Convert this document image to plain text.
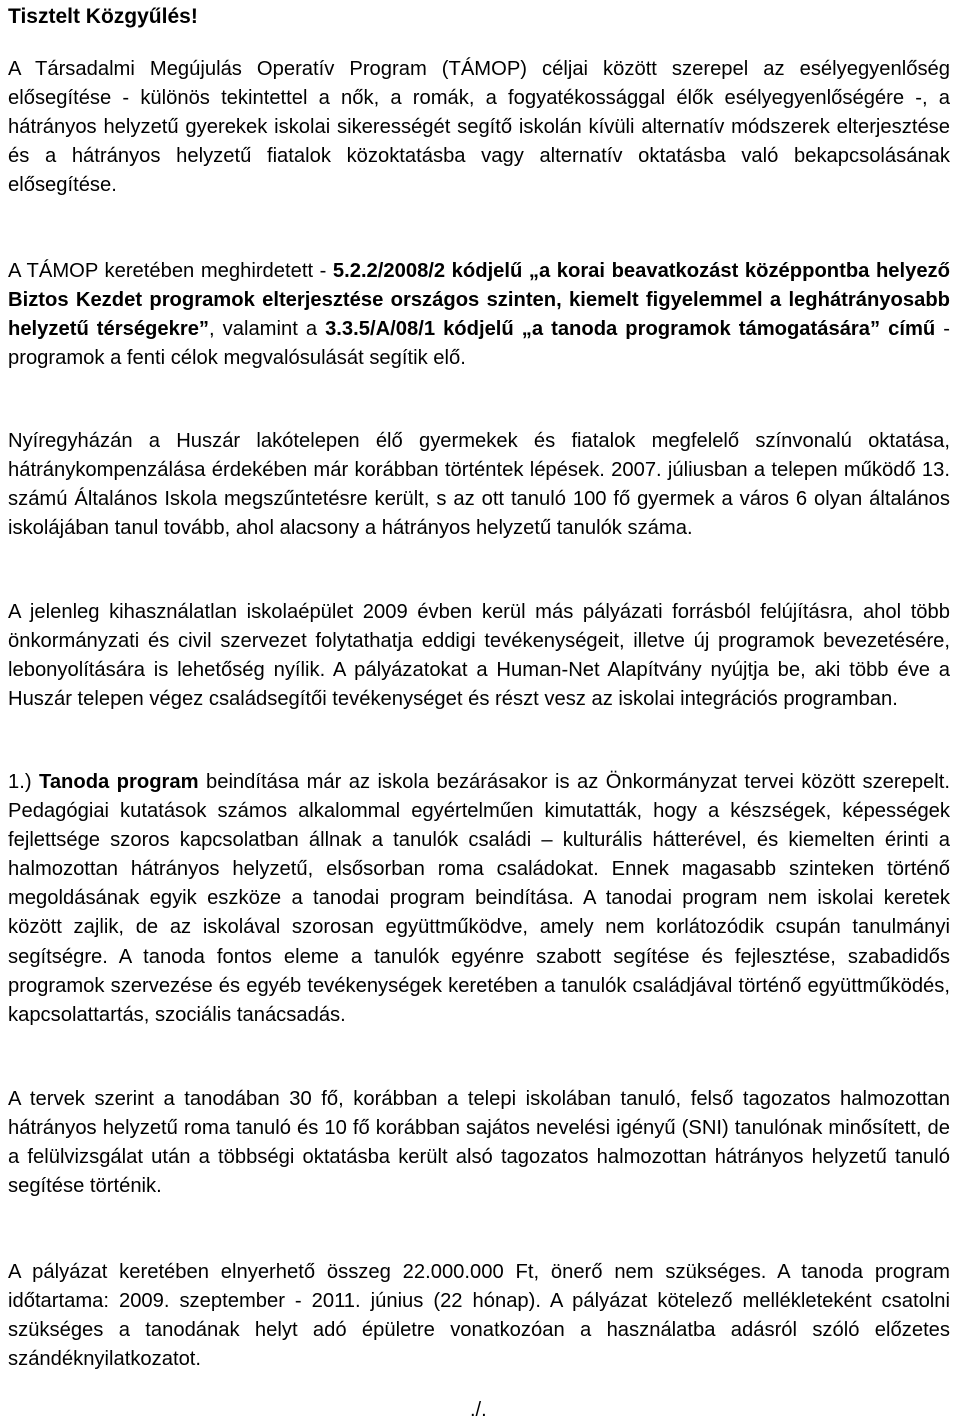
Tisztelt Közgyűlés!

A Társadalmi Megújulás Operatív Program (TÁMOP) céljai között szerepel az esélyegyenlőség elősegítése - különös tekintettel a nők, a romák, a fogyatékossággal élők esélyegyenlőségére -, a hátrányos helyzetű gyerekek iskolai sikerességét segítő iskolán kívüli alternatív módszerek elterjesztése és a hátrányos helyzetű fiatalok közoktatásba vagy alternatív oktatásba való bekapcsolásának elősegítése.

A TÁMOP keretében meghirdetett - 5.2.2/2008/2 kódjelű „a korai beavatkozást középpontba helyező Biztos Kezdet programok elterjesztése országos szinten, kiemelt figyelemmel a leghátrányosabb helyzetű térségekre”, valamint a 3.3.5/A/08/1 kódjelű „a tanoda programok támogatására” című - programok a fenti célok megvalósulását segítik elő.

Nyíregyházán a Huszár lakótelepen élő gyermekek és fiatalok megfelelő színvonalú oktatása, hátránykompenzálása érdekében már korábban történtek lépések. 2007. júliusban a telepen működő 13. számú Általános Iskola megszűntetésre került, s az ott tanuló 100 fő gyermek a város 6 olyan általános iskolájában tanul tovább, ahol alacsony a hátrányos helyzetű tanulók száma.

A jelenleg kihasználatlan iskolaépület 2009 évben kerül más pályázati forrásból felújításra, ahol több önkormányzati és civil szervezet folytathatja eddigi tevékenységeit, illetve új programok bevezetésére, lebonyolítására is lehetőség nyílik. A pályázatokat a Human-Net Alapítvány nyújtja be, aki több éve a Huszár telepen végez családsegítői tevékenységet és részt vesz az iskolai integrációs programban.

1.) Tanoda program beindítása már az iskola bezárásakor is az Önkormányzat tervei között szerepelt. Pedagógiai kutatások számos alkalommal egyértelműen kimutatták, hogy a készségek, képességek fejlettsége szoros kapcsolatban állnak a tanulók családi – kulturális hátterével, és kiemelten érinti a halmozottan hátrányos helyzetű, elsősorban roma családokat. Ennek magasabb szinteken történő megoldásának egyik eszköze a tanodai program beindítása. A tanodai program nem iskolai keretek között zajlik, de az iskolával szorosan együttműködve, amely nem korlátozódik csupán tanulmányi segítségre. A tanoda fontos eleme a tanulók egyénre szabott segítése és fejlesztése, szabadidős programok szervezése és egyéb tevékenységek keretében a tanulók családjával történő együttműködés, kapcsolattartás, szociális tanácsadás.

A tervek szerint a tanodában 30 fő, korábban a telepi iskolában tanuló, felső tagozatos halmozottan hátrányos helyzetű roma tanuló és 10 fő korábban sajátos nevelési igényű (SNI) tanulónak minősített, de a felülvizsgálat után a többségi oktatásba került alsó tagozatos halmozottan hátrányos helyzetű tanuló segítése történik.

A pályázat keretében elnyerhető összeg 22.000.000 Ft, önerő nem szükséges. A tanoda program időtartama: 2009. szeptember - 2011. június (22 hónap). A pályázat kötelező mellékleteként csatolni szükséges a tanodának helyt adó épületre vonatkozóan a használatba adásról szóló előzetes szándéknyilatkozatot.

./.
